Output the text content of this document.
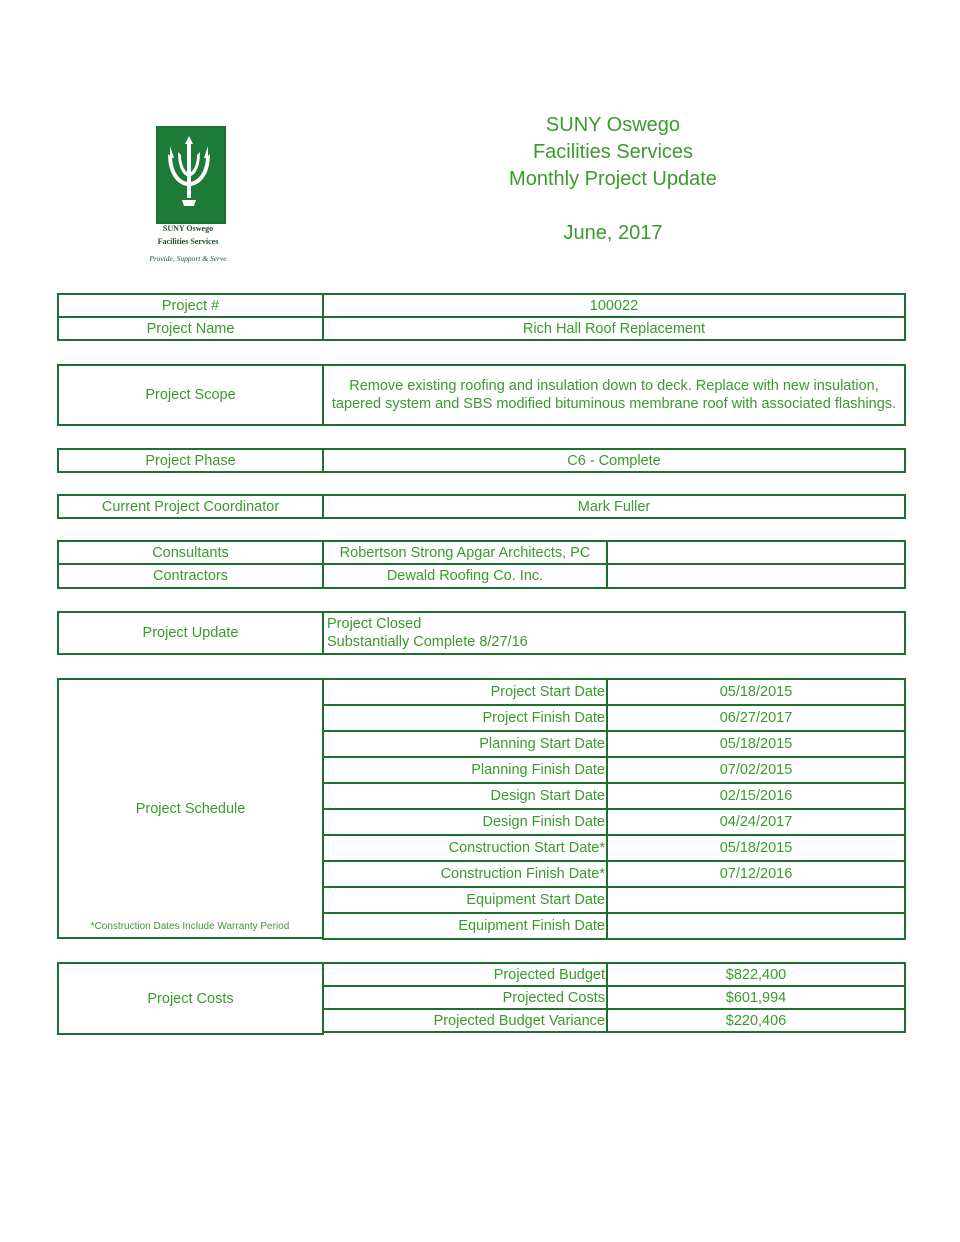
SUNY Oswego
Facilities Services
Provide, Support & Serve
SUNY Oswego
Facilities Services
Monthly Project Update
June, 2017
Project #	100022
Project Name	Rich Hall Roof Replacement
Project Scope
Remove existing roofing and insulation down to deck. Replace with new insulation, tapered system and SBS modified bituminous membrane roof with associated flashings.
Project Phase	C6 - Complete
Current Project Coordinator	Mark Fuller
Consultants	Robertson Strong Apgar Architects, PC
Contractors	Dewald Roofing Co. Inc.
Project Update
Project Closed
Substantially Complete 8/27/16
Project Schedule
*Construction Dates Include Warranty Period
Project Start Date	05/18/2015
Project Finish Date	06/27/2017
Planning Start Date	05/18/2015
Planning Finish Date	07/02/2015
Design Start Date	02/15/2016
Design Finish Date	04/24/2017
Construction Start Date*	05/18/2015
Construction Finish Date*	07/12/2016
Equipment Start Date
Equipment Finish Date
Project Costs
Projected Budget	$822,400
Projected Costs	$601,994
Projected Budget Variance	$220,406
